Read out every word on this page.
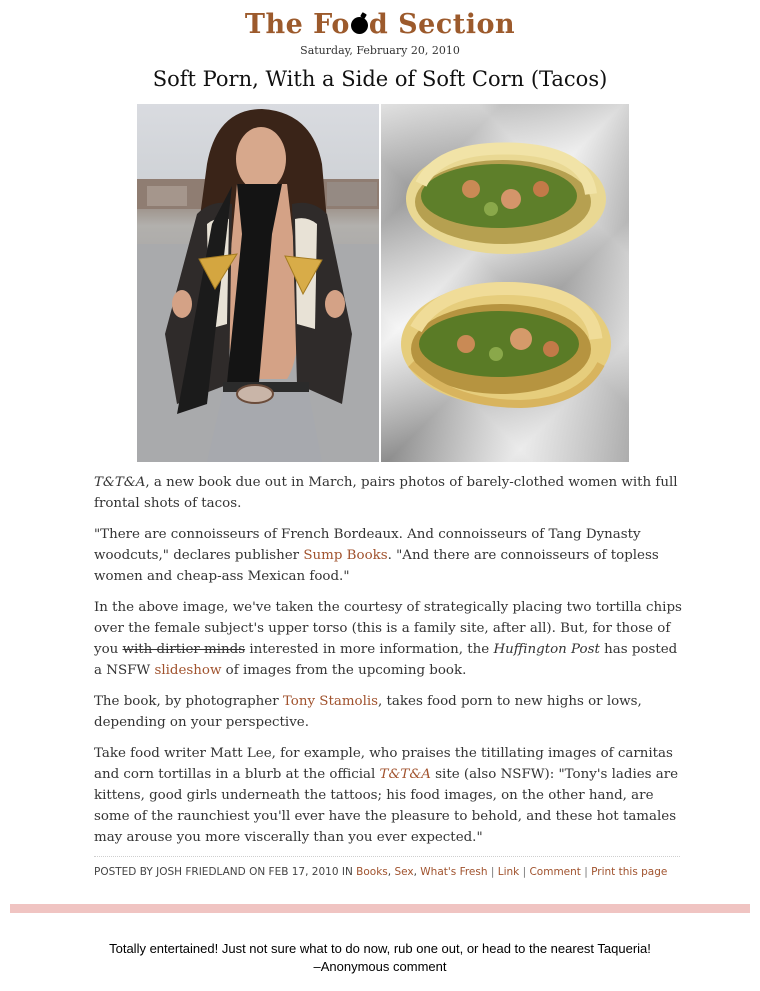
The Fo d Section
Saturday, February 20, 2010
Soft Porn, With a Side of Soft Corn (Tacos)

T&T&A, a new book due out in March, pairs photos of barely-clothed women with full frontal shots of tacos.

"There are connoisseurs of French Bordeaux. And connoisseurs of Tang Dynasty woodcuts," declares publisher Sump Books. "And there are connoisseurs of topless women and cheap-ass Mexican food."

In the above image, we've taken the courtesy of strategically placing two tortilla chips over the female subject's upper torso (this is a family site, after all). But, for those of you with dirtier minds interested in more information, the Huffington Post has posted a NSFW slideshow of images from the upcoming book.

The book, by photographer Tony Stamolis, takes food porn to new highs or lows, depending on your perspective.

Take food writer Matt Lee, for example, who praises the titillating images of carnitas and corn tortillas in a blurb at the official T&T&A site (also NSFW): "Tony's ladies are kittens, good girls underneath the tattoos; his food images, on the other hand, are some of the raunchiest you'll ever have the pleasure to behold, and these hot tamales may arouse you more viscerally than you ever expected."

POSTED BY JOSH FRIEDLAND ON FEB 17, 2010 IN Books, Sex, What's Fresh | Link | Comment | Print this page
Totally entertained! Just not sure what to do now, rub one out, or head to the nearest Taqueria!
–Anonymous comment
